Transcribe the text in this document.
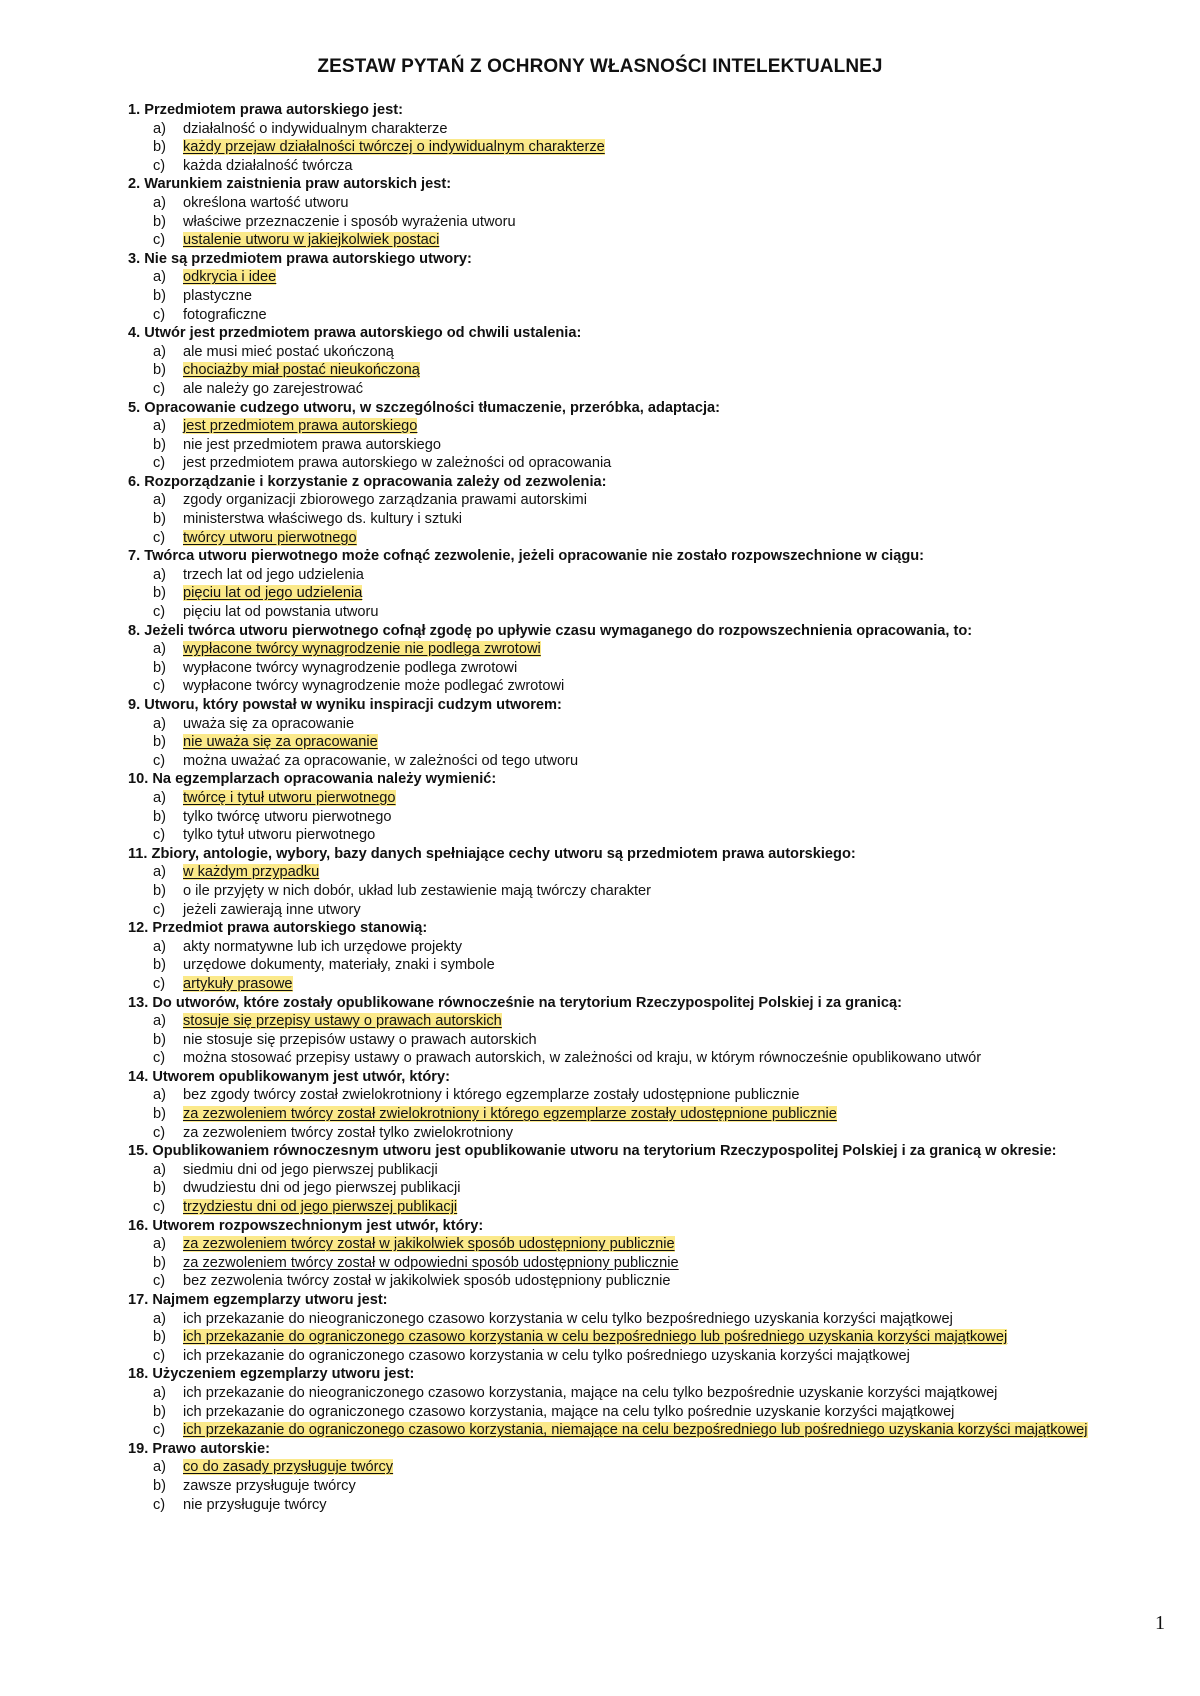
ZESTAW PYTAŃ Z OCHRONY WŁASNOŚCI INTELEKTUALNEJ
1. Przedmiotem prawa autorskiego jest:
a) działalność o indywidualnym charakterze
b) każdy przejaw działalności twórczej o indywidualnym charakterze
c) każda działalność twórcza
2. Warunkiem zaistnienia praw autorskich jest:
a) określona wartość utworu
b) właściwe przeznaczenie i sposób wyrażenia utworu
c) ustalenie utworu w jakiejkolwiek postaci
3. Nie są przedmiotem prawa autorskiego utwory:
a) odkrycia i idee
b) plastyczne
c) fotograficzne
4. Utwór jest przedmiotem prawa autorskiego od chwili ustalenia:
a) ale musi mieć postać ukończoną
b) chociażby miał postać nieukończoną
c) ale należy go zarejestrować
5. Opracowanie cudzego utworu, w szczególności tłumaczenie, przeróbka, adaptacja:
a) jest przedmiotem prawa autorskiego
b) nie jest przedmiotem prawa autorskiego
c) jest przedmiotem prawa autorskiego w zależności od opracowania
6. Rozporządzanie i korzystanie z opracowania zależy od zezwolenia:
a) zgody organizacji zbiorowego zarządzania prawami autorskimi
b) ministerstwa właściwego ds. kultury i sztuki
c) twórcy utworu pierwotnego
7. Twórca utworu pierwotnego może cofnąć zezwolenie, jeżeli opracowanie nie zostało rozpowszechnione w ciągu:
a) trzech lat od jego udzielenia
b) pięciu lat od jego udzielenia
c) pięciu lat od powstania utworu
8. Jeżeli twórca utworu pierwotnego cofnął zgodę po upływie czasu wymaganego do rozpowszechnienia opracowania, to:
a) wypłacone twórcy wynagrodzenie nie podlega zwrotowi
b) wypłacone twórcy wynagrodzenie podlega zwrotowi
c) wypłacone twórcy wynagrodzenie może podlegać zwrotowi
9. Utworu, który powstał w wyniku inspiracji cudzym utworem:
a) uważa się za opracowanie
b) nie uważa się za opracowanie
c) można uważać za opracowanie, w zależności od tego utworu
10. Na egzemplarzach opracowania należy wymienić:
a) twórcę i tytuł utworu pierwotnego
b) tylko twórcę utworu pierwotnego
c) tylko tytuł utworu pierwotnego
11. Zbiory, antologie, wybory, bazy danych spełniające cechy utworu są przedmiotem prawa autorskiego:
a) w każdym przypadku
b) o ile przyjęty w nich dobór, układ lub zestawienie mają twórczy charakter
c) jeżeli zawierają inne utwory
12. Przedmiot prawa autorskiego stanowią:
a) akty normatywne lub ich urzędowe projekty
b) urzędowe dokumenty, materiały, znaki i symbole
c) artykuły prasowe
13. Do utworów, które zostały opublikowane równocześnie na terytorium Rzeczypospolitej Polskiej i za granicą:
a) stosuje się przepisy ustawy o prawach autorskich
b) nie stosuje się przepisów ustawy o prawach autorskich
c) można stosować przepisy ustawy o prawach autorskich, w zależności od kraju, w którym równocześnie opublikowano utwór
14. Utworem opublikowanym jest utwór, który:
a) bez zgody twórcy został zwielokrotniony i którego egzemplarze zostały udostępnione publicznie
b) za zezwoleniem twórcy został zwielokrotniony i którego egzemplarze zostały udostępnione publicznie
c) za zezwoleniem twórcy został tylko zwielokrotniony
15. Opublikowaniem równoczesnym utworu jest opublikowanie utworu na terytorium Rzeczypospolitej Polskiej i za granicą w okresie:
a) siedmiu dni od jego pierwszej publikacji
b) dwudziestu dni od jego pierwszej publikacji
c) trzydziestu dni od jego pierwszej publikacji
16. Utworem rozpowszechnionym jest utwór, który:
a) za zezwoleniem twórcy został w jakikolwiek sposób udostępniony publicznie
b) za zezwoleniem twórcy został w odpowiedni sposób udostępniony publicznie
c) bez zezwolenia twórcy został w jakikolwiek sposób udostępniony publicznie
17. Najmem egzemplarzy utworu jest:
a) ich przekazanie do nieograniczonego czasowo korzystania w celu tylko bezpośredniego uzyskania korzyści majątkowej
b) ich przekazanie do ograniczonego czasowo korzystania w celu bezpośredniego lub pośredniego uzyskania korzyści majątkowej
c) ich przekazanie do ograniczonego czasowo korzystania w celu tylko pośredniego uzyskania korzyści majątkowej
18. Użyczeniem egzemplarzy utworu jest:
a) ich przekazanie do nieograniczonego czasowo korzystania, mające na celu tylko bezpośrednie uzyskanie korzyści majątkowej
b) ich przekazanie do ograniczonego czasowo korzystania, mające na celu tylko pośrednie uzyskanie korzyści majątkowej
c) ich przekazanie do ograniczonego czasowo korzystania, niemające na celu bezpośredniego lub pośredniego uzyskania korzyści majątkowej
19. Prawo autorskie:
a) co do zasady przysługuje twórcy
b) zawsze przysługuje twórcy
c) nie przysługuje twórcy
1
